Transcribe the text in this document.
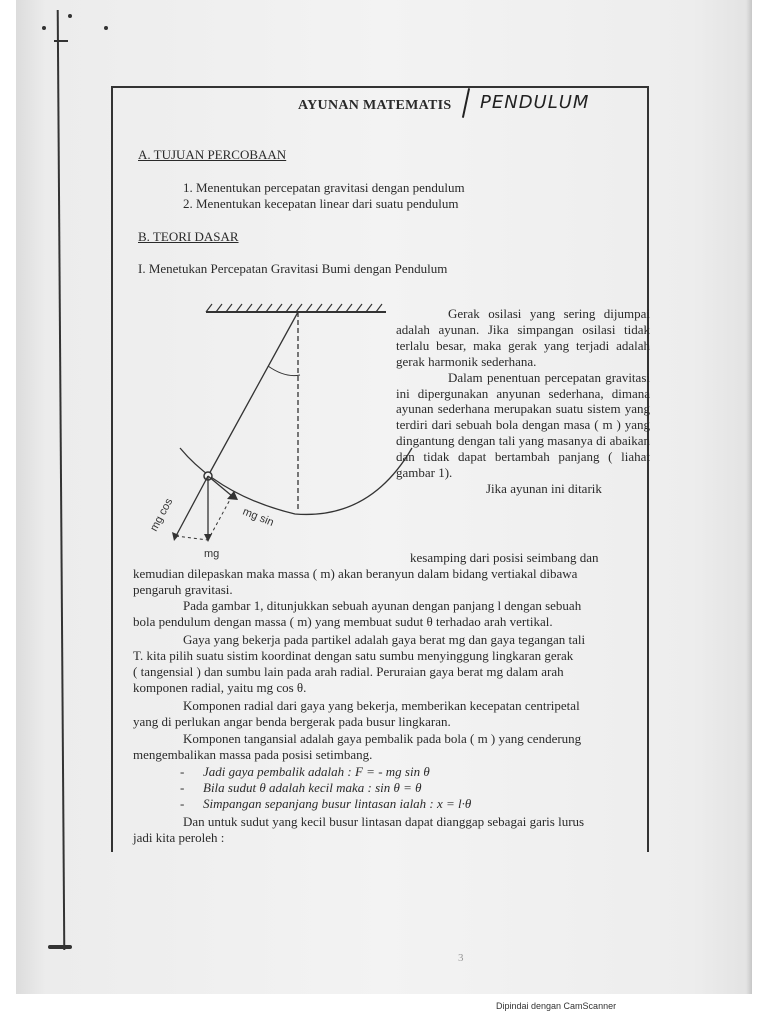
AYUNAN MATEMATIS PENDULUM
A. TUJUAN PERCOBAAN
1. Menentukan percepatan gravitasi dengan pendulum
2. Menentukan kecepatan linear dari suatu pendulum
B. TEORI DASAR
I. Menetukan Percepatan Gravitasi Bumi dengan Pendulum
mg cos	mg sin
mg

Gerak osilasi yang sering dijumpai adalah ayunan. Jika simpangan osilasi tidak terlalu besar, maka gerak yang terjadi adalah gerak harmonik sederhana.

Dalam penentuan percepatan gravitasi ini dipergunakan anyunan sederhana, dimana ayunan sederhana merupakan suatu sistem yang terdiri dari sebuah bola dengan masa ( m ) yang dingantung dengan tali yang masanya di abaikan dan tidak dapat bertambah panjang ( liahat gambar 1).

Jika ayunan ini ditarik

kesamping dari posisi seimbang dan
kemudian dilepaskan maka massa ( m) akan beranyun dalam bidang vertiakal dibawa
pengaruh gravitasi.
Pada gambar 1, ditunjukkan sebuah ayunan dengan panjang l dengan sebuah
bola pendulum dengan massa ( m) yang membuat sudut θ terhadao arah vertikal.
Gaya yang bekerja pada partikel adalah gaya berat mg dan gaya tegangan tali
T. kita pilih suatu sistim koordinat dengan satu sumbu menyinggung lingkaran gerak
( tangensial ) dan sumbu lain pada arah radial. Peruraian gaya berat mg dalam arah
komponen radial, yaitu mg cos θ.
Komponen radial dari gaya yang bekerja, memberikan kecepatan centripetal
yang di perlukan angar benda bergerak pada busur lingkaran.
Komponen tangansial adalah gaya pembalik pada bola ( m ) yang cenderung
mengembalikan massa pada posisi setimbang.
- Jadi gaya pembalik adalah : F = - mg sin θ
- Bila sudut θ adalah kecil maka : sin θ = θ
- Simpangan sepanjang busur lintasan ialah : x = l·θ
Dan untuk sudut yang kecil busur lintasan dapat dianggap sebagai garis lurus
jadi kita peroleh :
3
Dipindai dengan CamScanner
